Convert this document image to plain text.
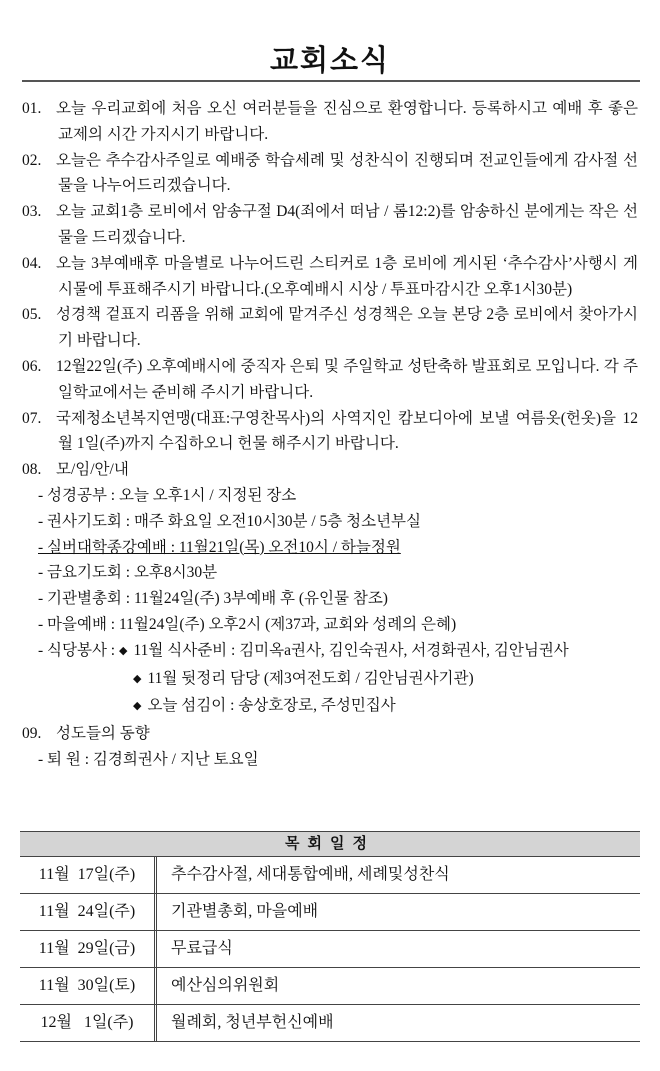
교회소식
01. 오늘 우리교회에 처음 오신 여러분들을 진심으로 환영합니다. 등록하시고 예배 후 좋은 교제의 시간 가지시기 바랍니다.
02. 오늘은 추수감사주일로 예배중 학습세례 및 성찬식이 진행되며 전교인들에게 감사절 선물을 나누어드리겠습니다.
03. 오늘 교회1층 로비에서 암송구절 D4(죄에서 떠남 / 롬12:2)를 암송하신 분에게는 작은 선물을 드리겠습니다.
04. 오늘 3부예배후 마을별로 나누어드린 스티커로 1층 로비에 게시된 ‘추수감사’사행시 게시물에 투표해주시기 바랍니다.(오후예배시 시상 / 투표마감시간 오후1시30분)
05. 성경책 겉표지 리폼을 위해 교회에 맡겨주신 성경책은 오늘 본당 2층 로비에서 찾아가시기 바랍니다.
06. 12월22일(주) 오후예배시에 중직자 은퇴 및 주일학교 성탄축하 발표회로 모입니다. 각 주일학교에서는 준비해 주시기 바랍니다.
07. 국제청소년복지연맹(대표:구영찬목사)의 사역지인 캄보디아에 보낼 여름옷(헌옷)을 12월 1일(주)까지 수집하오니 헌물 해주시기 바랍니다.
08. 모/임/안/내
- 성경공부 : 오늘 오후1시 / 지정된 장소
- 권사기도회 : 매주 화요일 오전10시30분 / 5층 청소년부실
- 실버대학종강예배 : 11월21일(목) 오전10시 / 하늘정원
- 금요기도회 : 오후8시30분
- 기관별총회 : 11월24일(주) 3부예배 후 (유인물 참조)
- 마을예배 : 11월24일(주) 오후2시 (제37과, 교회와 성례의 은혜)
- 식당봉사 : ◆ 11월 식사준비 : 김미옥a권사, 김인숙권사, 서경화권사, 김안님권사
◆ 11월 뒷정리 담당 (제3여전도회 / 김안님권사기관)
◆ 오늘 섬김이 : 송상호장로, 주성민집사
09. 성도들의 동향
- 퇴 원 : 김경희권사 / 지난 토요일
목회일정
11월  17일(주)	추수감사절, 세대통합예배, 세례및성찬식
11월  24일(주)	기관별총회, 마을예배
11월  29일(금)	무료급식
11월  30일(토)	예산심의위원회
12월   1일(주)	월례회, 청년부헌신예배
